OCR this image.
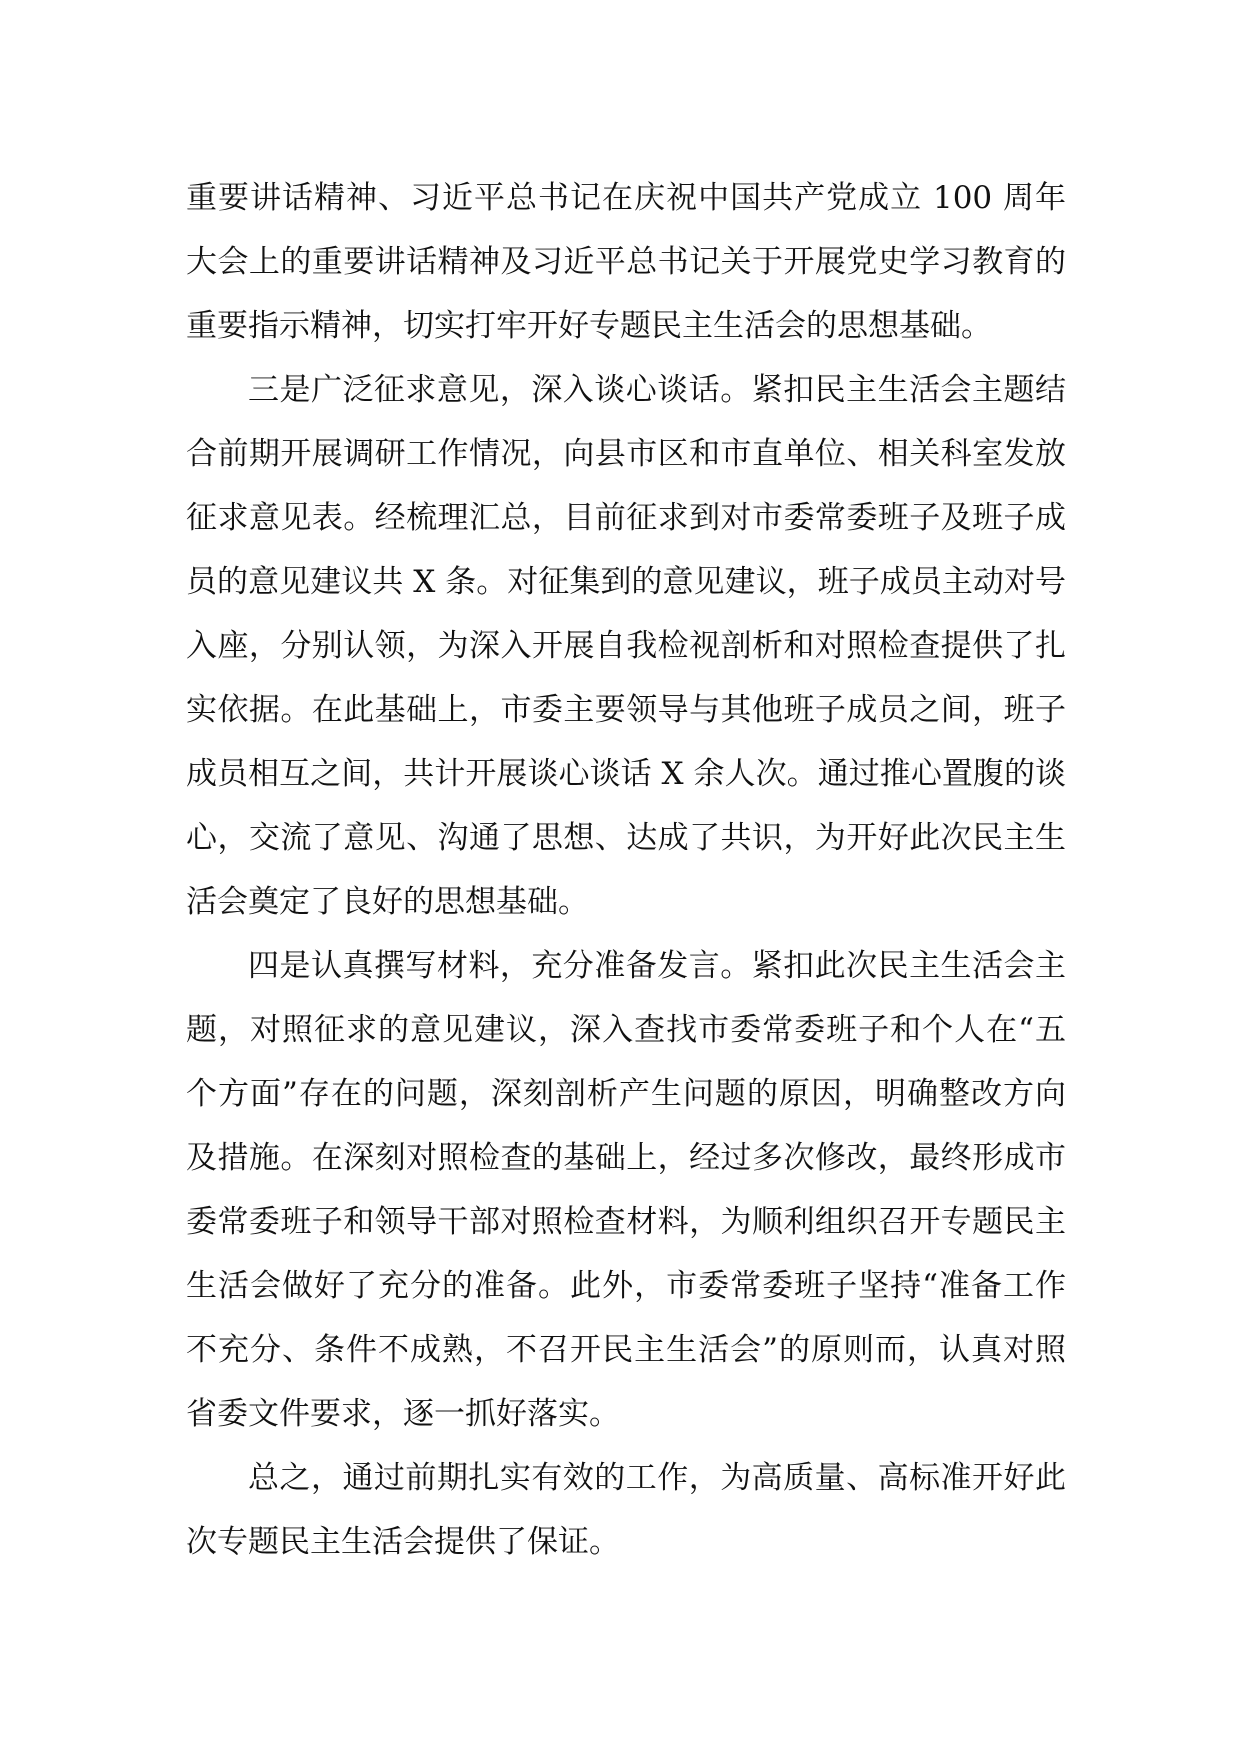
重要讲话精神、习近平总书记在庆祝中国共产党成立 100 周年大会上的重要讲话精神及习近平总书记关于开展党史学习教育的重要指示精神，切实打牢开好专题民主生活会的思想基础。

三是广泛征求意见，深入谈心谈话。紧扣民主生活会主题结合前期开展调研工作情况，向县市区和市直单位、相关科室发放征求意见表。经梳理汇总，目前征求到对市委常委班子及班子成员的意见建议共 X 条。对征集到的意见建议，班子成员主动对号入座，分别认领，为深入开展自我检视剖析和对照检查提供了扎实依据。在此基础上，市委主要领导与其他班子成员之间，班子成员相互之间，共计开展谈心谈话 X 余人次。通过推心置腹的谈心，交流了意见、沟通了思想、达成了共识，为开好此次民主生活会奠定了良好的思想基础。

四是认真撰写材料，充分准备发言。紧扣此次民主生活会主题，对照征求的意见建议，深入查找市委常委班子和个人在“五个方面”存在的问题，深刻剖析产生问题的原因，明确整改方向及措施。在深刻对照检查的基础上，经过多次修改，最终形成市委常委班子和领导干部对照检查材料，为顺利组织召开专题民主生活会做好了充分的准备。此外，市委常委班子坚持“准备工作不充分、条件不成熟，不召开民主生活会”的原则而，认真对照省委文件要求，逐一抓好落实。

总之，通过前期扎实有效的工作，为高质量、高标准开好此次专题民主生活会提供了保证。
